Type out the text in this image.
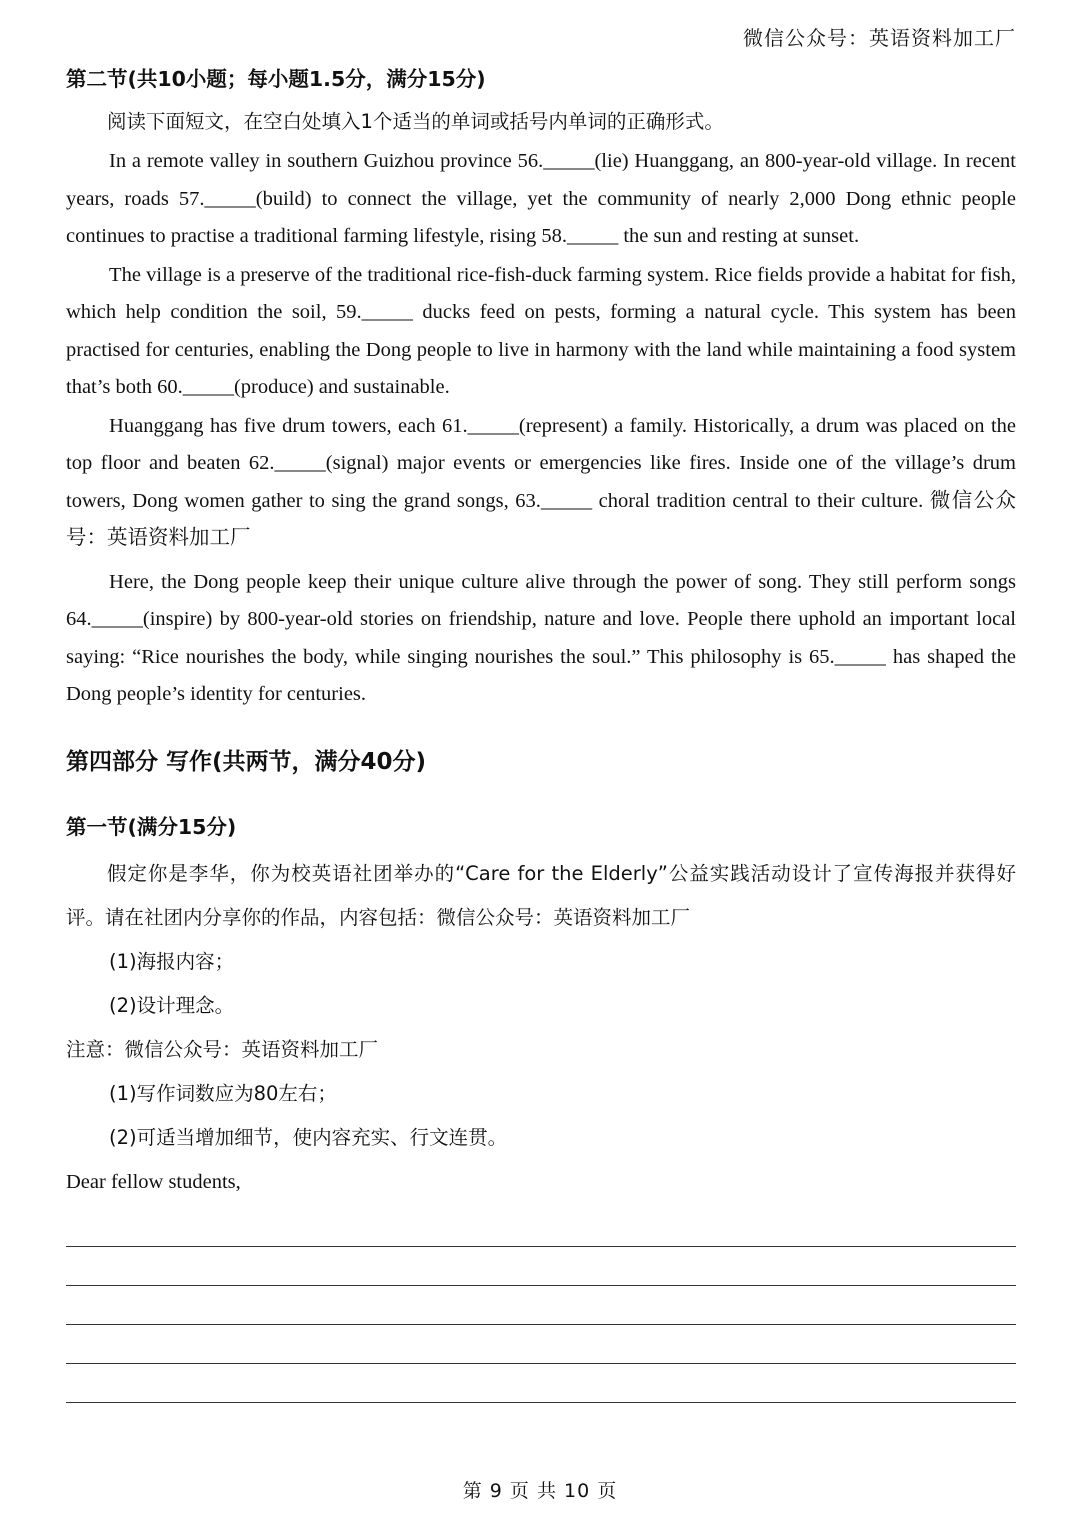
微信公众号：英语资料加工厂
第二节(共10小题；每小题1.5分，满分15分)
阅读下面短文，在空白处填入1个适当的单词或括号内单词的正确形式。
In a remote valley in southern Guizhou province 56._____(lie) Huanggang, an 800-year-old village. In recent years, roads 57._____(build) to connect the village, yet the community of nearly 2,000 Dong ethnic people continues to practise a traditional farming lifestyle, rising 58._____ the sun and resting at sunset.
The village is a preserve of the traditional rice-fish-duck farming system. Rice fields provide a habitat for fish, which help condition the soil, 59._____ ducks feed on pests, forming a natural cycle. This system has been practised for centuries, enabling the Dong people to live in harmony with the land while maintaining a food system that’s both 60._____(produce) and sustainable.
Huanggang has five drum towers, each 61._____(represent) a family. Historically, a drum was placed on the top floor and beaten 62._____(signal) major events or emergencies like fires. Inside one of the village’s drum towers, Dong women gather to sing the grand songs, 63._____ choral tradition central to their culture. 微信公众号：英语资料加工厂
Here, the Dong people keep their unique culture alive through the power of song. They still perform songs 64._____(inspire) by 800-year-old stories on friendship, nature and love. People there uphold an important local saying: “Rice nourishes the body, while singing nourishes the soul.” This philosophy is 65._____ has shaped the Dong people’s identity for centuries.
第四部分 写作(共两节，满分40分)
第一节(满分15分)
假定你是李华，你为校英语社团举办的“Care for the Elderly”公益实践活动设计了宣传海报并获得好评。请在社团内分享你的作品，内容包括：微信公众号：英语资料加工厂
(1)海报内容；
(2)设计理念。
注意：微信公众号：英语资料加工厂
(1)写作词数应为80左右；
(2)可适当增加细节，使内容充实、行文连贯。
Dear fellow students,
第 9 页 共 10 页
